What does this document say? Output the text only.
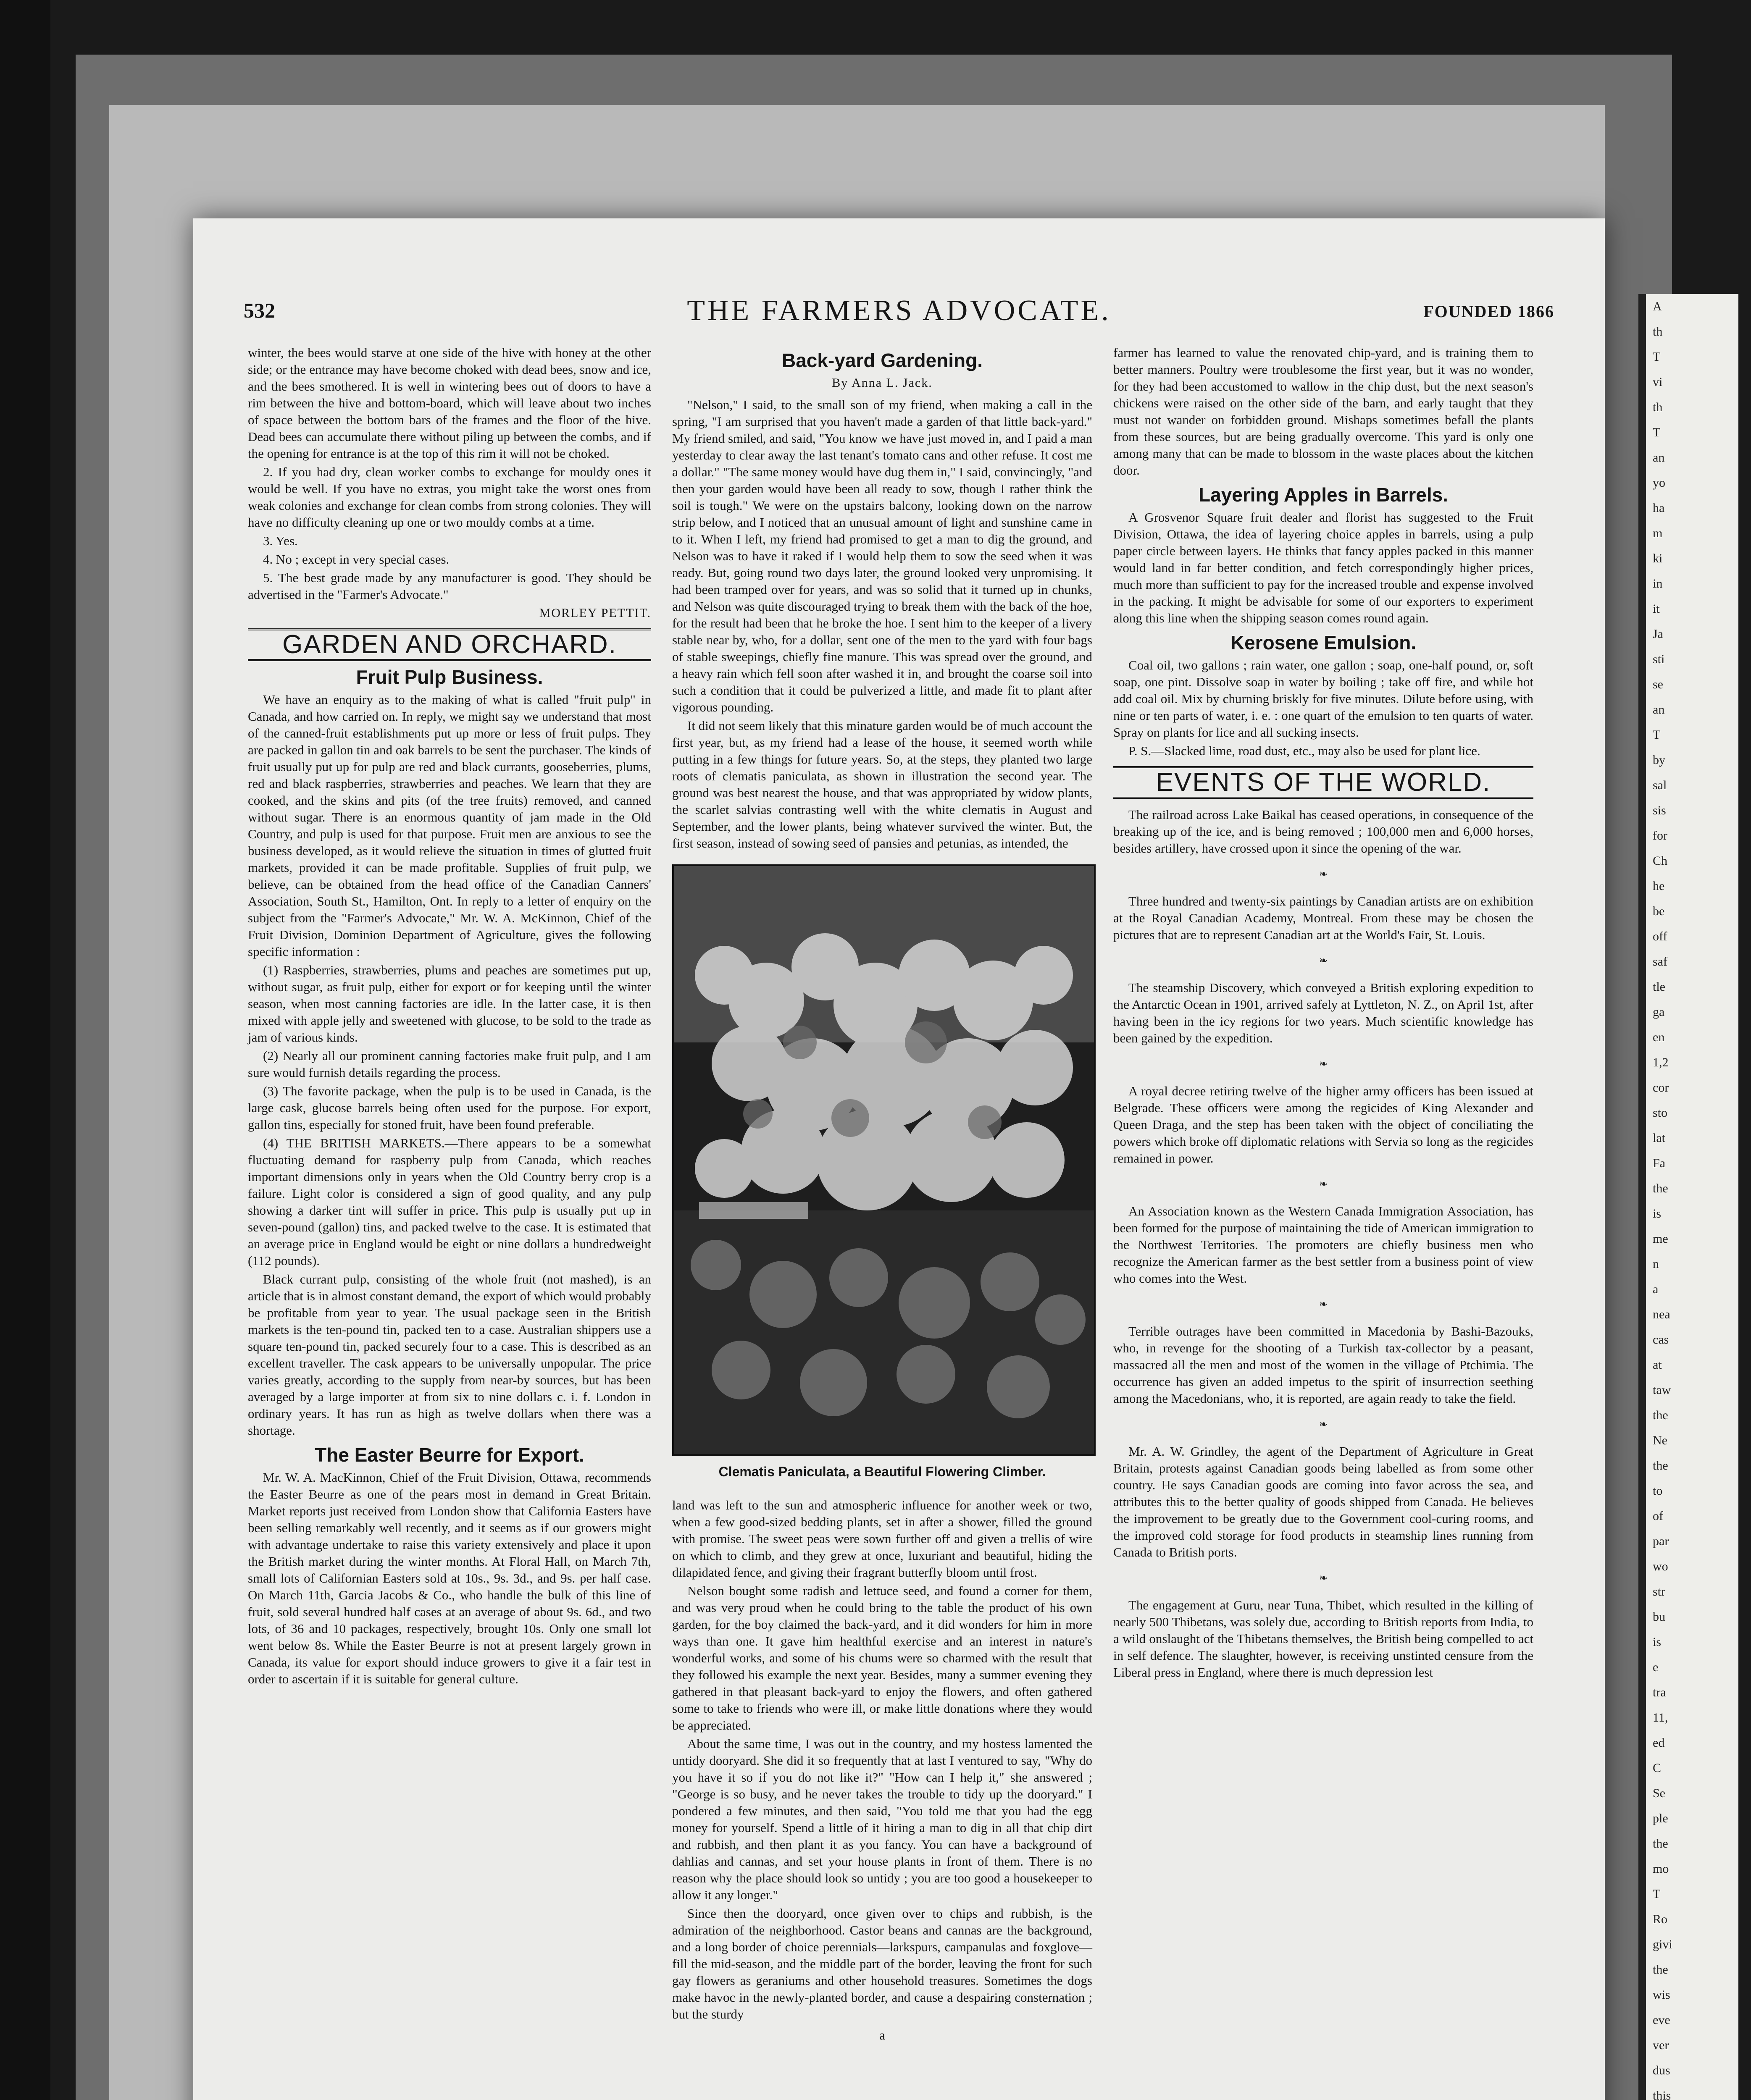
A

th

T

vi

th

T

an

yo

ha

m

ki

in

it

Ja

sti

se

an

T

by

sal

sis

for

Ch

he

be

off

saf

tle

ga

en

1,2

cor

sto

lat

Fa

the

is

me

n

a

nea

cas

at

taw

the

Ne

the

to

of

par

wo

str

bu

is

e

tra

11,

ed

C

Se

ple

the

mo

T

Ro

givi

the

wis

eve

ver

dus

this

532	THE FARMERS ADVOCATE.	FOUNDED 1866

winter, the bees would starve at one side of the hive with honey at the other side; or the entrance may have become choked with dead bees, snow and ice, and the bees smothered. It is well in wintering bees out of doors to have a rim between the hive and bottom-board, which will leave about two inches of space between the bottom bars of the frames and the floor of the hive. Dead bees can accumulate there without piling up between the combs, and if the opening for entrance is at the top of this rim it will not be choked.

2. If you had dry, clean worker combs to exchange for mouldy ones it would be well. If you have no extras, you might take the worst ones from weak colonies and exchange for clean combs from strong colonies. They will have no difficulty cleaning up one or two mouldy combs at a time.

3. Yes.

4. No ; except in very special cases.

5. The best grade made by any manufacturer is good. They should be advertised in the "Farmer's Advocate."

MORLEY PETTIT.
GARDEN AND ORCHARD.
Fruit Pulp Business.

We have an enquiry as to the making of what is called "fruit pulp" in Canada, and how carried on. In reply, we might say we understand that most of the canned-fruit establishments put up more or less of fruit pulps. They are packed in gallon tin and oak barrels to be sent the purchaser. The kinds of fruit usually put up for pulp are red and black currants, gooseberries, plums, red and black raspberries, strawberries and peaches. We learn that they are cooked, and the skins and pits (of the tree fruits) removed, and canned without sugar. There is an enormous quantity of jam made in the Old Country, and pulp is used for that purpose. Fruit men are anxious to see the business developed, as it would relieve the situation in times of glutted fruit markets, provided it can be made profitable. Supplies of fruit pulp, we believe, can be obtained from the head office of the Canadian Canners' Association, South St., Hamilton, Ont. In reply to a letter of enquiry on the subject from the "Farmer's Advocate," Mr. W. A. McKinnon, Chief of the Fruit Division, Dominion Department of Agriculture, gives the following specific information :

(1) Raspberries, strawberries, plums and peaches are sometimes put up, without sugar, as fruit pulp, either for export or for keeping until the winter season, when most canning factories are idle. In the latter case, it is then mixed with apple jelly and sweetened with glucose, to be sold to the trade as jam of various kinds.

(2) Nearly all our prominent canning factories make fruit pulp, and I am sure would furnish details regarding the process.

(3) The favorite package, when the pulp is to be used in Canada, is the large cask, glucose barrels being often used for the purpose. For export, gallon tins, especially for stoned fruit, have been found preferable.

(4) THE BRITISH MARKETS.—There appears to be a somewhat fluctuating demand for raspberry pulp from Canada, which reaches important dimensions only in years when the Old Country berry crop is a failure. Light color is considered a sign of good quality, and any pulp showing a darker tint will suffer in price. This pulp is usually put up in seven-pound (gallon) tins, and packed twelve to the case. It is estimated that an average price in England would be eight or nine dollars a hundredweight (112 pounds).

Black currant pulp, consisting of the whole fruit (not mashed), is an article that is in almost constant demand, the export of which would probably be profitable from year to year. The usual package seen in the British markets is the ten-pound tin, packed ten to a case. Australian shippers use a square ten-pound tin, packed securely four to a case. This is described as an excellent traveller. The cask appears to be universally unpopular. The price varies greatly, according to the supply from near-by sources, but has been averaged by a large importer at from six to nine dollars c. i. f. London in ordinary years. It has run as high as twelve dollars when there was a shortage.

The Easter Beurre for Export.

Mr. W. A. MacKinnon, Chief of the Fruit Division, Ottawa, recommends the Easter Beurre as one of the pears most in demand in Great Britain. Market reports just received from London show that California Easters have been selling remarkably well recently, and it seems as if our growers might with advantage undertake to raise this variety extensively and place it upon the British market during the winter months. At Floral Hall, on March 7th, small lots of Californian Easters sold at 10s., 9s. 3d., and 9s. per half case. On March 11th, Garcia Jacobs & Co., who handle the bulk of this line of fruit, sold several hundred half cases at an average of about 9s. 6d., and two lots, of 36 and 10 packages, respectively, brought 10s. Only one small lot went below 8s. While the Easter Beurre is not at present largely grown in Canada, its value for export should induce growers to give it a fair test in order to ascertain if it is suitable for general culture.

Back-yard Gardening.
By Anna L. Jack.

"Nelson," I said, to the small son of my friend, when making a call in the spring, "I am surprised that you haven't made a garden of that little back-yard." My friend smiled, and said, "You know we have just moved in, and I paid a man yesterday to clear away the last tenant's tomato cans and other refuse. It cost me a dollar." "The same money would have dug them in," I said, convincingly, "and then your garden would have been all ready to sow, though I rather think the soil is tough." We were on the upstairs balcony, looking down on the narrow strip below, and I noticed that an unusual amount of light and sunshine came in to it. When I left, my friend had promised to get a man to dig the ground, and Nelson was to have it raked if I would help them to sow the seed when it was ready. But, going round two days later, the ground looked very unpromising. It had been tramped over for years, and was so solid that it turned up in chunks, and Nelson was quite discouraged trying to break them with the back of the hoe, for the result had been that he broke the hoe. I sent him to the keeper of a livery stable near by, who, for a dollar, sent one of the men to the yard with four bags of stable sweepings, chiefly fine manure. This was spread over the ground, and a heavy rain which fell soon after washed it in, and brought the coarse soil into such a condition that it could be pulverized a little, and made fit to plant after vigorous pounding.

It did not seem likely that this minature garden would be of much account the first year, but, as my friend had a lease of the house, it seemed worth while putting in a few things for future years. So, at the steps, they planted two large roots of clematis paniculata, as shown in illustration the second year. The ground was best nearest the house, and that was appropriated by widow plants, the scarlet salvias contrasting well with the white clematis in August and September, and the lower plants, being whatever survived the winter. But, the first season, instead of sowing seed of pansies and petunias, as intended, the

Clematis Paniculata, a Beautiful Flowering Climber.

land was left to the sun and atmospheric influence for another week or two, when a few good-sized bedding plants, set in after a shower, filled the ground with promise. The sweet peas were sown further off and given a trellis of wire on which to climb, and they grew at once, luxuriant and beautiful, hiding the dilapidated fence, and giving their fragrant butterfly bloom until frost.

Nelson bought some radish and lettuce seed, and found a corner for them, and was very proud when he could bring to the table the product of his own garden, for the boy claimed the back-yard, and it did wonders for him in more ways than one. It gave him healthful exercise and an interest in nature's wonderful works, and some of his chums were so charmed with the result that they followed his example the next year. Besides, many a summer evening they gathered in that pleasant back-yard to enjoy the flowers, and often gathered some to take to friends who were ill, or make little donations where they would be appreciated.

About the same time, I was out in the country, and my hostess lamented the untidy dooryard. She did it so frequently that at last I ventured to say, "Why do you have it so if you do not like it?" "How can I help it," she answered ; "George is so busy, and he never takes the trouble to tidy up the dooryard." I pondered a few minutes, and then said, "You told me that you had the egg money for yourself. Spend a little of it hiring a man to dig in all that chip dirt and rubbish, and then plant it as you fancy. You can have a background of dahlias and cannas, and set your house plants in front of them. There is no reason why the place should look so untidy ; you are too good a housekeeper to allow it any longer."

Since then the dooryard, once given over to chips and rubbish, is the admiration of the neighborhood. Castor beans and cannas are the background, and a long border of choice perennials—larkspurs, campanulas and foxglove—fill the mid-season, and the middle part of the border, leaving the front for such gay flowers as geraniums and other household treasures. Sometimes the dogs make havoc in the newly-planted border, and cause a despairing consternation ; but the sturdy

a

farmer has learned to value the renovated chip-yard, and is training them to better manners. Poultry were troublesome the first year, but it was no wonder, for they had been accustomed to wallow in the chip dust, but the next season's chickens were raised on the other side of the barn, and early taught that they must not wander on forbidden ground. Mishaps sometimes befall the plants from these sources, but are being gradually overcome. This yard is only one among many that can be made to blossom in the waste places about the kitchen door.

Layering Apples in Barrels.

A Grosvenor Square fruit dealer and florist has suggested to the Fruit Division, Ottawa, the idea of layering choice apples in barrels, using a pulp paper circle between layers. He thinks that fancy apples packed in this manner would land in far better condition, and fetch correspondingly higher prices, much more than sufficient to pay for the increased trouble and expense involved in the packing. It might be advisable for some of our exporters to experiment along this line when the shipping season comes round again.

Kerosene Emulsion.

Coal oil, two gallons ; rain water, one gallon ; soap, one-half pound, or, soft soap, one pint. Dissolve soap in water by boiling ; take off fire, and while hot add coal oil. Mix by churning briskly for five minutes. Dilute before using, with nine or ten parts of water, i. e. : one quart of the emulsion to ten quarts of water. Spray on plants for lice and all sucking insects.

P. S.—Slacked lime, road dust, etc., may also be used for plant lice.

EVENTS OF THE WORLD.

The railroad across Lake Baikal has ceased operations, in consequence of the breaking up of the ice, and is being removed ; 100,000 men and 6,000 horses, besides artillery, have crossed upon it since the opening of the war.

❧

Three hundred and twenty-six paintings by Canadian artists are on exhibition at the Royal Canadian Academy, Montreal. From these may be chosen the pictures that are to represent Canadian art at the World's Fair, St. Louis.

❧

The steamship Discovery, which conveyed a British exploring expedition to the Antarctic Ocean in 1901, arrived safely at Lyttleton, N. Z., on April 1st, after having been in the icy regions for two years. Much scientific knowledge has been gained by the expedition.

❧

A royal decree retiring twelve of the higher army officers has been issued at Belgrade. These officers were among the regicides of King Alexander and Queen Draga, and the step has been taken with the object of conciliating the powers which broke off diplomatic relations with Servia so long as the regicides remained in power.

❧

An Association known as the Western Canada Immigration Association, has been formed for the purpose of maintaining the tide of American immigration to the Northwest Territories. The promoters are chiefly business men who recognize the American farmer as the best settler from a business point of view who comes into the West.

❧

Terrible outrages have been committed in Macedonia by Bashi-Bazouks, who, in revenge for the shooting of a Turkish tax-collector by a peasant, massacred all the men and most of the women in the village of Ptchimia. The occurrence has given an added impetus to the spirit of insurrection seething among the Macedonians, who, it is reported, are again ready to take the field.

❧

Mr. A. W. Grindley, the agent of the Department of Agriculture in Great Britain, protests against Canadian goods being labelled as from some other country. He says Canadian goods are coming into favor across the sea, and attributes this to the better quality of goods shipped from Canada. He believes the improvement to be greatly due to the Government cool-curing rooms, and the improved cold storage for food products in steamship lines running from Canada to British ports.

❧

The engagement at Guru, near Tuna, Thibet, which resulted in the killing of nearly 500 Thibetans, was solely due, according to British reports from India, to a wild onslaught of the Thibetans themselves, the British being compelled to act in self defence. The slaughter, however, is receiving unstinted censure from the Liberal press in England, where there is much depression lest
